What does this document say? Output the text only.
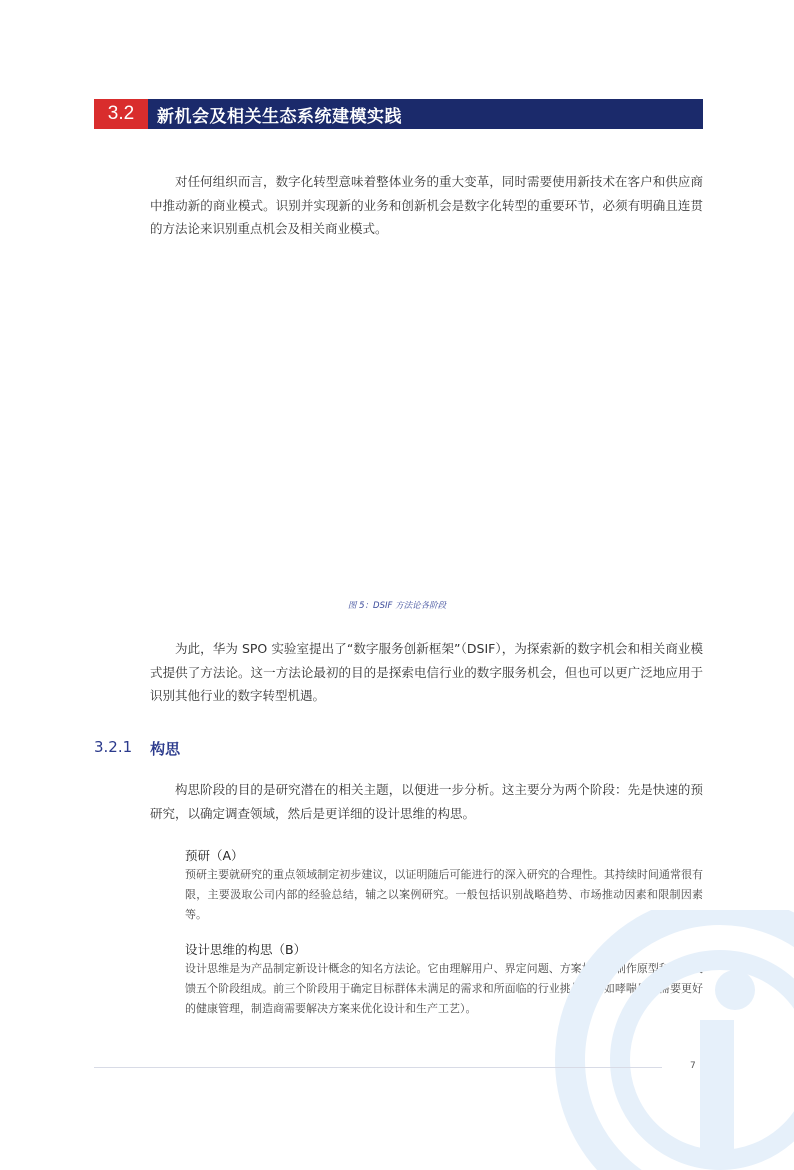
3.2	新机会及相关生态系统建模实践

对任何组织而言，数字化转型意味着整体业务的重大变革，同时需要使用新技术在客户和供应商中推动新的商业模式。识别并实现新的业务和创新机会是数字化转型的重要环节，必须有明确且连贯的方法论来识别重点机会及相关商业模式。

图 5：DSIF 方法论各阶段

为此，华为 SPO 实验室提出了“数字服务创新框架”（DSIF），为探索新的数字机会和相关商业模式提供了方法论。这一方法论最初的目的是探索电信行业的数字服务机会，但也可以更广泛地应用于识别其他行业的数字转型机遇。

3.2.1 构思

构思阶段的目的是研究潜在的相关主题，以便进一步分析。这主要分为两个阶段：先是快速的预研究，以确定调查领域，然后是更详细的设计思维的构思。

预研（A）

预研主要就研究的重点领域制定初步建议，以证明随后可能进行的深入研究的合理性。其持续时间通常很有限，主要汲取公司内部的经验总结，辅之以案例研究。一般包括识别战略趋势、市场推动因素和限制因素等。

设计思维的构思（B）

设计思维是为产品制定新设计概念的知名方法论。它由理解用户、界定问题、方案构思、制作原型和测试反馈五个阶段组成。前三个阶段用于确定目标群体未满足的需求和所面临的行业挑战（例如哮喘患者需要更好的健康管理，制造商需要解决方案来优化设计和生产工艺）。

7
